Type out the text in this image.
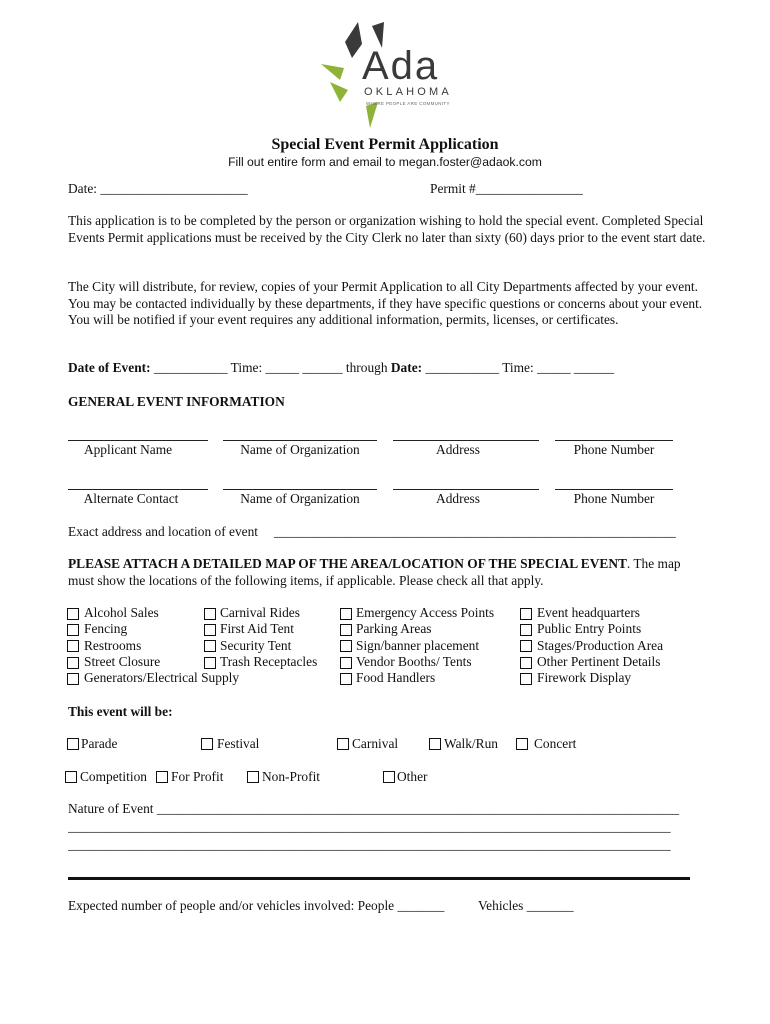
Ada
OKLAHOMA
WHERE PEOPLE ARE COMMUNITY
Special Event Permit Application
Fill out entire form and email to megan.foster@adaok.com
Date: ______________________	Permit #________________
This application is to be completed by the person or organization wishing to hold the special event. Completed Special Events Permit applications must be received by the City Clerk no later than sixty (60) days prior to the event start date.
The City will distribute, for review, copies of your Permit Application to all City Departments affected by your event. You may be contacted individually by these departments, if they have specific questions or concerns about your event. You will be notified if your event requires any additional information, permits, licenses, or certificates.
Date of Event: ___________ Time: _____ ______ through Date: ___________ Time: _____ ______
GENERAL EVENT INFORMATION
Applicant Name	Name of Organization	Address	Phone Number
Alternate Contact	Name of Organization	Address	Phone Number
Exact address and location of event ____________________________________________________________
PLEASE ATTACH A DETAILED MAP OF THE AREA/LOCATION OF THE SPECIAL EVENT. The map must show the locations of the following items, if applicable. Please check all that apply.
Alcohol Sales
Fencing
Restrooms
Street Closure
Generators/Electrical Supply
Carnival Rides
First Aid Tent
Security Tent
Trash Receptacles
Emergency Access Points
Parking Areas
Sign/banner placement
Vendor Booths/ Tents
Food Handlers
Event headquarters
Public Entry Points
Stages/Production Area
Other Pertinent Details
Firework Display
This event will be:
Parade	Festival	Carnival	Walk/Run	Concert
Competition For Profit	Non-Profit	Other
Nature of Event ______________________________________________________________________________
__________________________________________________________________________________________
__________________________________________________________________________________________
Expected number of people and/or vehicles involved: People _______	Vehicles _______
